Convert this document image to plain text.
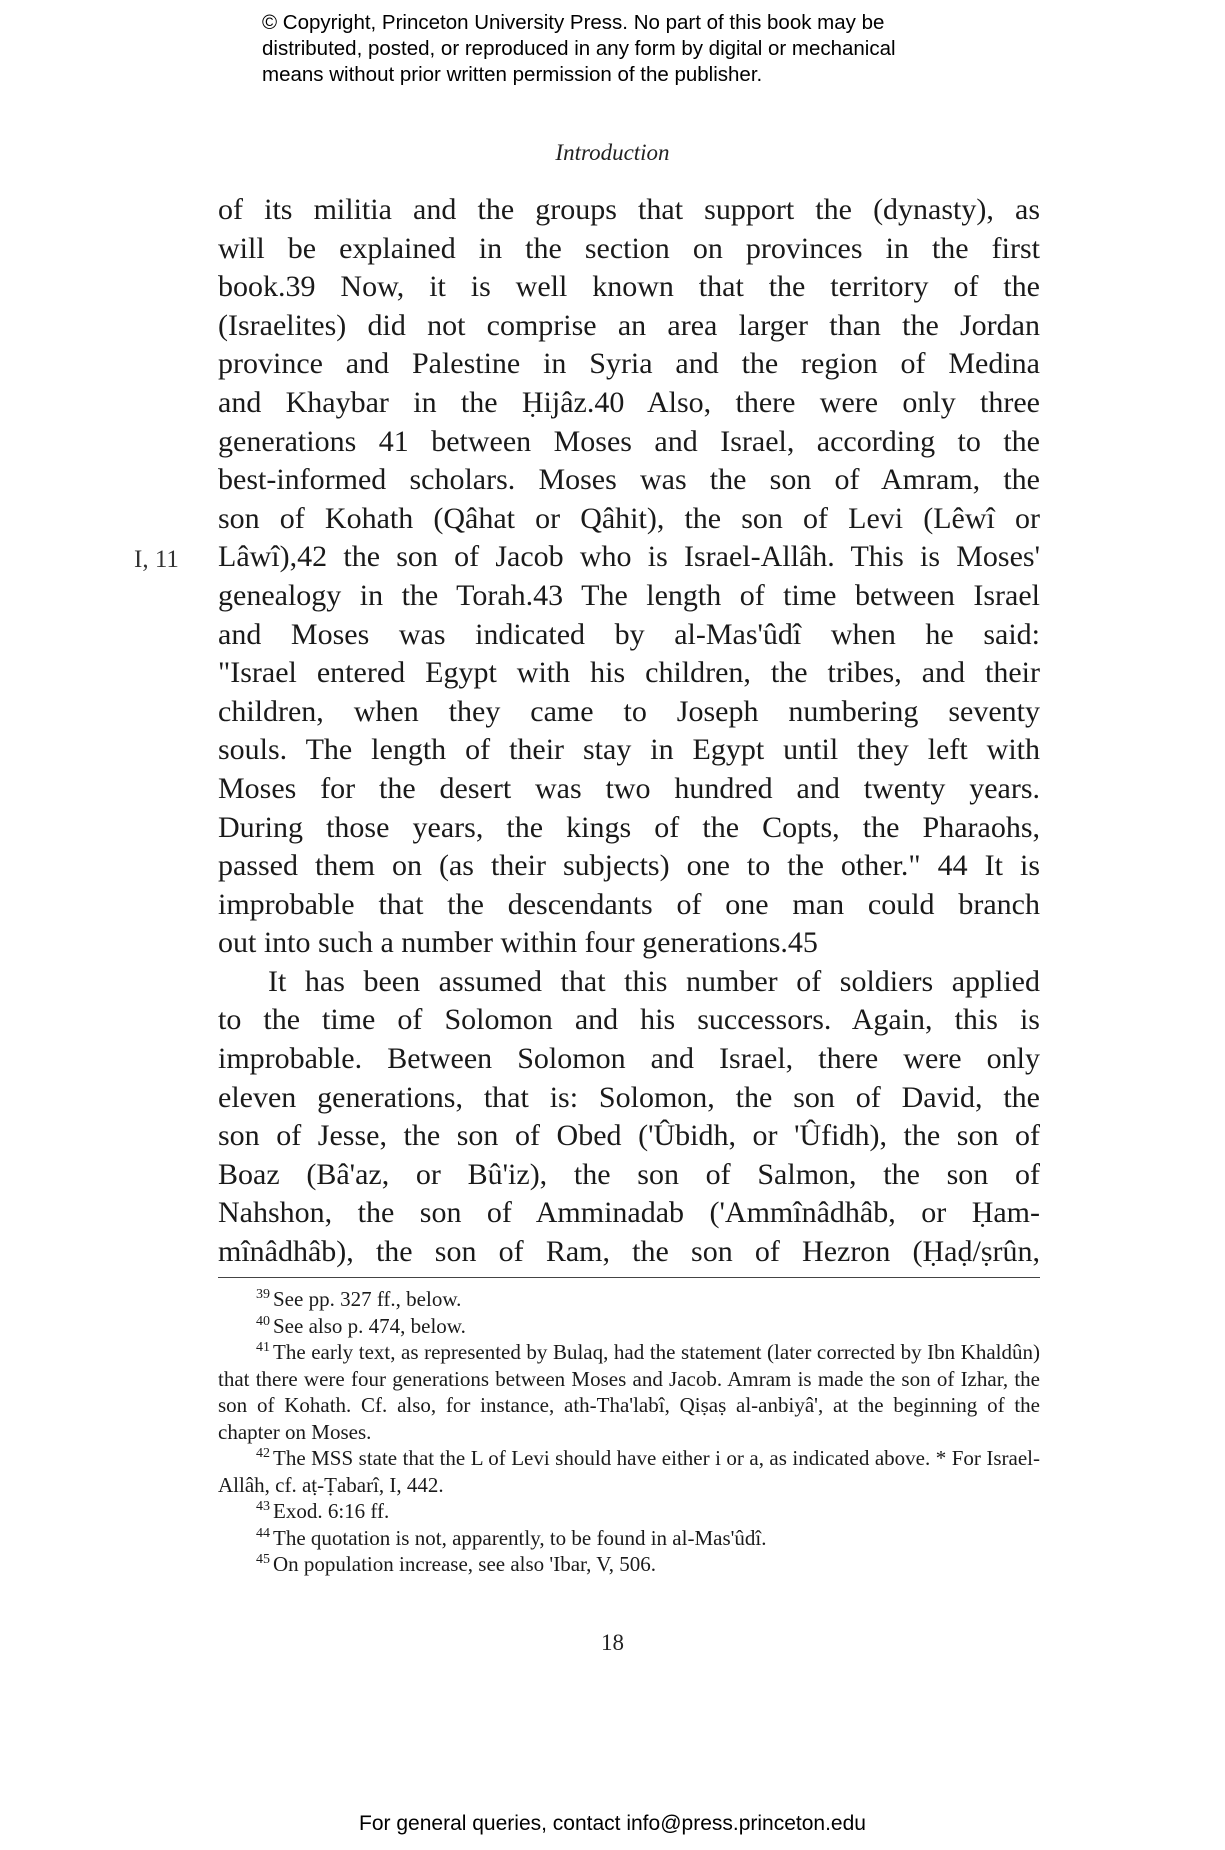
© Copyright, Princeton University Press. No part of this book may be
distributed, posted, or reproduced in any form by digital or mechanical
means without prior written permission of the publisher.
Introduction
I, 11
of its militia and the groups that support the (dynasty), as
will be explained in the section on provinces in the first
book.39 Now, it is well known that the territory of the
(Israelites) did not comprise an area larger than the Jordan
province and Palestine in Syria and the region of Medina
and Khaybar in the Ḥijâz.40 Also, there were only three
generations 41 between Moses and Israel, according to the
best-informed scholars. Moses was the son of Amram, the
son of Kohath (Qâhat or Qâhit), the son of Levi (Lêwî or
Lâwî),42 the son of Jacob who is Israel-Allâh. This is Moses'
genealogy in the Torah.43 The length of time between Israel
and Moses was indicated by al-Mas'ûdî when he said:
"Israel entered Egypt with his children, the tribes, and their
children, when they came to Joseph numbering seventy
souls. The length of their stay in Egypt until they left with
Moses for the desert was two hundred and twenty years.
During those years, the kings of the Copts, the Pharaohs,
passed them on (as their subjects) one to the other." 44 It is
improbable that the descendants of one man could branch
out into such a number within four generations.45
It has been assumed that this number of soldiers applied
to the time of Solomon and his successors. Again, this is
improbable. Between Solomon and Israel, there were only
eleven generations, that is: Solomon, the son of David, the
son of Jesse, the son of Obed ('Ûbidh, or 'Ûfidh), the son of
Boaz (Bâ'az, or Bû'iz), the son of Salmon, the son of
Nahshon, the son of Amminadab ('Ammînâdhâb, or Ḥam-
mînâdhâb), the son of Ram, the son of Hezron (Ḥaḍ/ṣrûn,
$^{39}$ See pp. 327 ff., below.
$^{40}$ See also p. 474, below.
$^{41}$ The early text, as represented by Bulaq, had the statement (later corrected by Ibn Khaldûn) that there were four generations between Moses and Jacob. Amram is made the son of Izhar, the son of Kohath. Cf. also, for instance, ath-Tha'labî, Qiṣaṣ al-anbiyâ', at the beginning of the chapter on Moses.
$^{42}$ The MSS state that the L of Levi should have either i or a, as indicated above. * For Israel-Allâh, cf. aṭ-Ṭabarî, I, 442.
$^{43}$ Exod. 6:16 ff.
$^{44}$ The quotation is not, apparently, to be found in al-Mas'ûdî.
$^{45}$ On population increase, see also 'Ibar, V, 506.
18
For general queries, contact info@press.princeton.edu
